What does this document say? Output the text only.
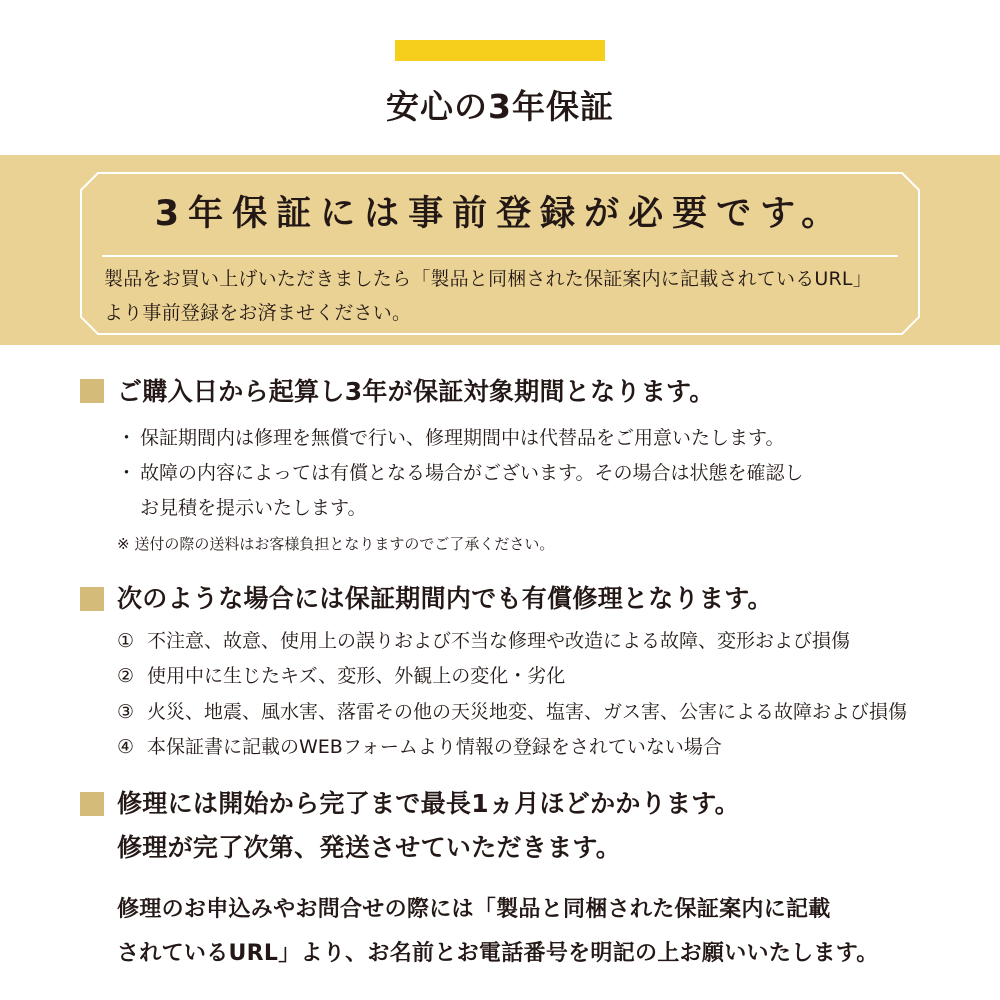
安心の3年保証
3年保証には事前登録が必要です。
製品をお買い上げいただきましたら「製品と同梱された保証案内に記載されているURL」
より事前登録をお済ませください。
ご購入日から起算し3年が保証対象期間となります。
・ 保証期間内は修理を無償で行い、修理期間中は代替品をご用意いたします。
・ 故障の内容によっては有償となる場合がございます。その場合は状態を確認し
お見積を提示いたします。
※ 送付の際の送料はお客様負担となりますのでご了承ください。
次のような場合には保証期間内でも有償修理となります。
① 不注意、故意、使用上の誤りおよび不当な修理や改造による故障、変形および損傷
② 使用中に生じたキズ、変形、外観上の変化・劣化
③ 火災、地震、風水害、落雷その他の天災地変、塩害、ガス害、公害による故障および損傷
④ 本保証書に記載のWEBフォームより情報の登録をされていない場合
修理には開始から完了まで最長1ヵ月ほどかかります。
修理が完了次第、発送させていただきます。
修理のお申込みやお問合せの際には「製品と同梱された保証案内に記載
されているURL」より、お名前とお電話番号を明記の上お願いいたします。
